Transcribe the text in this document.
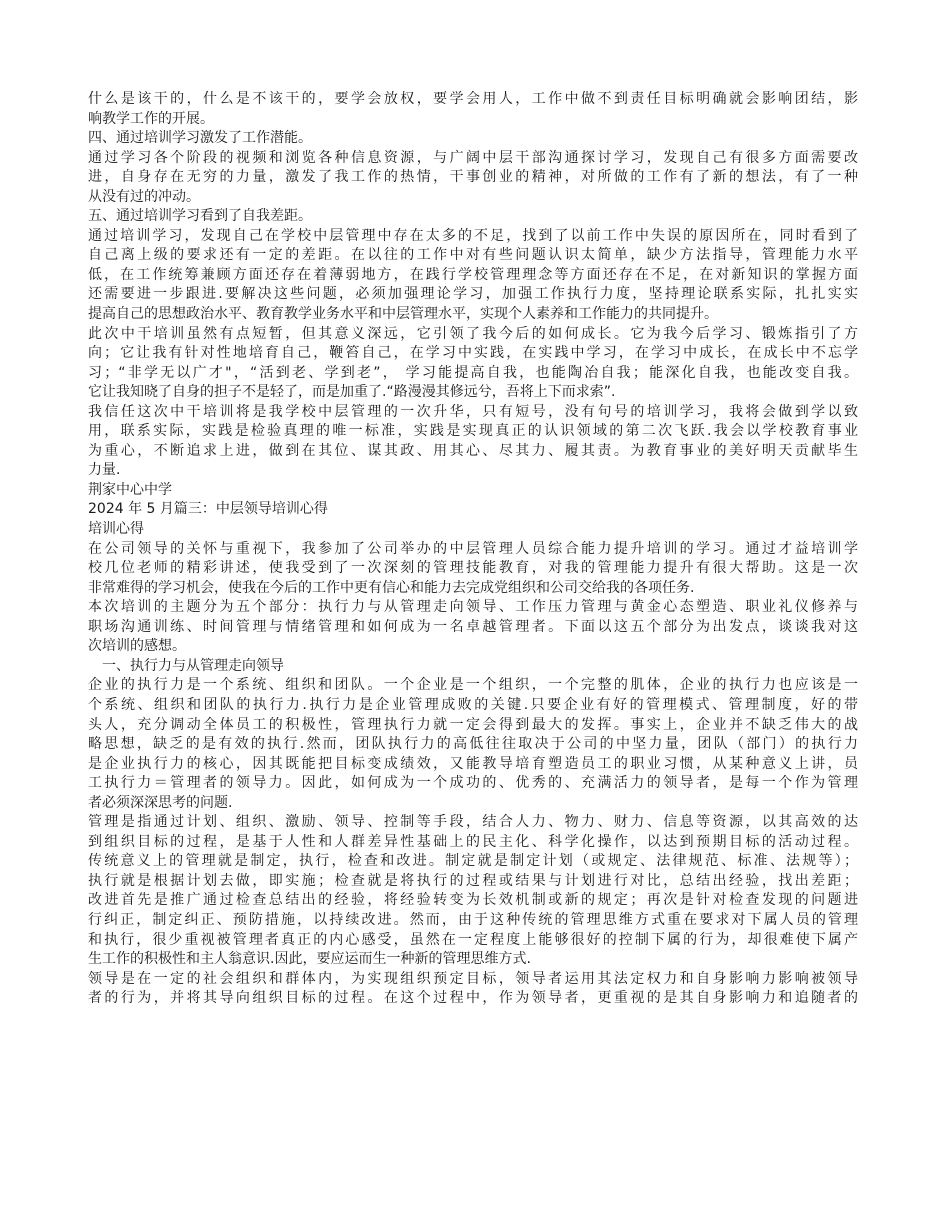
什么是该干的，什么是不该干的，要学会放权，要学会用人，工作中做不到责任目标明确就会影响团结，影
响教学工作的开展。
四、通过培训学习激发了工作潜能。
通过学习各个阶段的视频和浏览各种信息资源，与广阔中层干部沟通探讨学习，发现自己有很多方面需要改
进，自身存在无穷的力量，激发了我工作的热情，干事创业的精神，对所做的工作有了新的想法，有了一种
从没有过的冲动。
五、通过培训学习看到了自我差距。
通过培训学习，发现自己在学校中层管理中存在太多的不足，找到了以前工作中失误的原因所在，同时看到了
自己离上级的要求还有一定的差距。在以往的工作中对有些问题认识太简单，缺少方法指导，管理能力水平
低，在工作统筹兼顾方面还存在着薄弱地方，在践行学校管理理念等方面还存在不足，在对新知识的掌握方面
还需要进一步跟进.要解决这些问题，必须加强理论学习，加强工作执行力度，坚持理论联系实际，扎扎实实
提高自己的思想政治水平、教育教学业务水平和中层管理水平，实现个人素养和工作能力的共同提升。
此次中干培训虽然有点短暂，但其意义深远，它引领了我今后的如何成长。它为我今后学习、锻炼指引了方
向；它让我有针对性地培育自己，鞭笞自己，在学习中实践，在实践中学习，在学习中成长，在成长中不忘学
习；“非学无以广才"，“活到老、学到老”， 学习能提高自我，也能陶冶自我；能深化自我，也能改变自我。
它让我知晓了自身的担子不是轻了，而是加重了.“路漫漫其修远兮，吾将上下而求索”.
我信任这次中干培训将是我学校中层管理的一次升华，只有短号，没有句号的培训学习，我将会做到学以致
用，联系实际，实践是检验真理的唯一标准，实践是实现真正的认识领域的第二次飞跃.我会以学校教育事业
为重心，不断追求上进，做到在其位、谋其政、用其心、尽其力、履其责。为教育事业的美好明天贡献毕生
力量.
荆家中心中学
2024 年 5 月篇三：中层领导培训心得
培训心得
在公司领导的关怀与重视下，我参加了公司举办的中层管理人员综合能力提升培训的学习。通过才益培训学
校几位老师的精彩讲述，使我受到了一次深刻的管理技能教育，对我的管理能力提升有很大帮助。这是一次
非常难得的学习机会，使我在今后的工作中更有信心和能力去完成党组织和公司交给我的各项任务.
本次培训的主题分为五个部分：执行力与从管理走向领导、工作压力管理与黄金心态塑造、职业礼仪修养与
职场沟通训练、时间管理与情绪管理和如何成为一名卓越管理者。下面以这五个部分为出发点，谈谈我对这
次培训的感想。
一、执行力与从管理走向领导
企业的执行力是一个系统、组织和团队。一个企业是一个组织，一个完整的肌体，企业的执行力也应该是一
个系统、组织和团队的执行力.执行力是企业管理成败的关键.只要企业有好的管理模式、管理制度，好的带
头人，充分调动全体员工的积极性，管理执行力就一定会得到最大的发挥。事实上，企业并不缺乏伟大的战
略思想，缺乏的是有效的执行.然而，团队执行力的高低往往取决于公司的中坚力量，团队（部门）的执行力
是企业执行力的核心，因其既能把目标变成绩效，又能教导培育塑造员工的职业习惯，从某种意义上讲，员
工执行力＝管理者的领导力。因此，如何成为一个成功的、优秀的、充满活力的领导者，是每一个作为管理
者必须深深思考的问题.
管理是指通过计划、组织、激励、领导、控制等手段，结合人力、物力、财力、信息等资源，以其高效的达
到组织目标的过程，是基于人性和人群差异性基础上的民主化、科学化操作，以达到预期目标的活动过程。
传统意义上的管理就是制定，执行，检查和改进。制定就是制定计划（或规定、法律规范、标准、法规等）；
执行就是根据计划去做，即实施；检查就是将执行的过程或结果与计划进行对比，总结出经验，找出差距；
改进首先是推广通过检查总结出的经验，将经验转变为长效机制或新的规定；再次是针对检查发现的问题进
行纠正，制定纠正、预防措施，以持续改进。然而，由于这种传统的管理思维方式重在要求对下属人员的管理
和执行，很少重视被管理者真正的内心感受，虽然在一定程度上能够很好的控制下属的行为，却很难使下属产
生工作的积极性和主人翁意识.因此，要应运而生一种新的管理思维方式.
领导是在一定的社会组织和群体内，为实现组织预定目标，领导者运用其法定权力和自身影响力影响被领导
者的行为，并将其导向组织目标的过程。在这个过程中，作为领导者，更重视的是其自身影响力和追随者的
